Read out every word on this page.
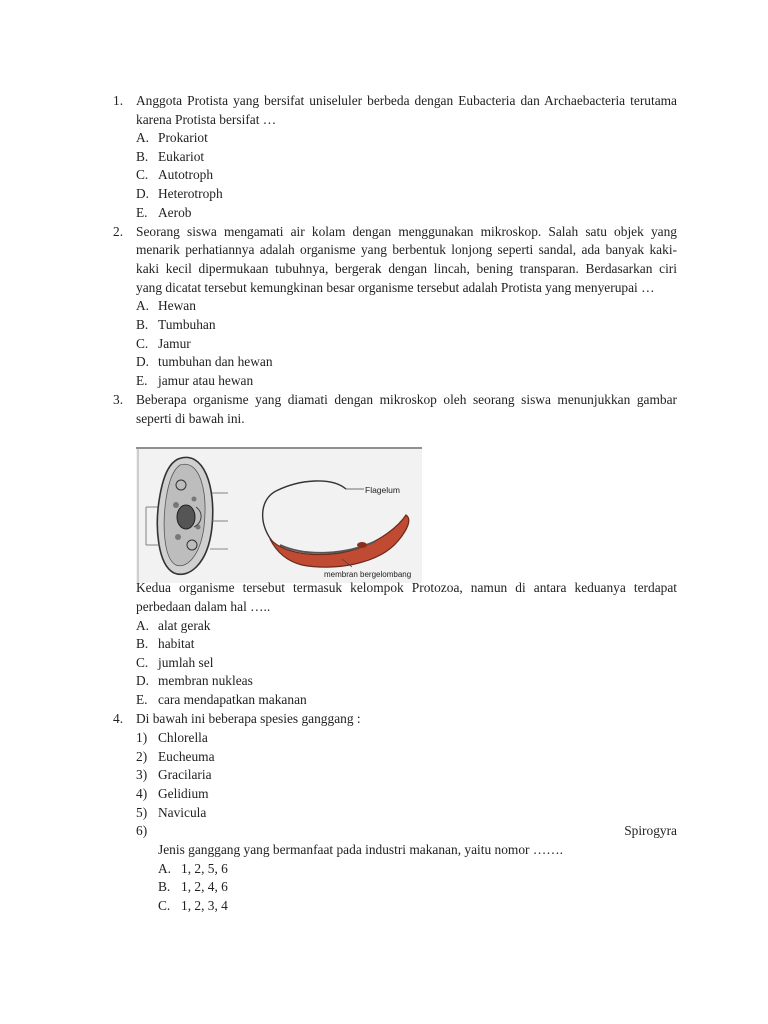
1. Anggota Protista yang bersifat uniseluler berbeda dengan Eubacteria dan Archaebacteria terutama
karena Protista bersifat …
A. Prokariot
B. Eukariot
C. Autotroph
D. Heterotroph
E. Aerob
2. Seorang siswa mengamati air kolam dengan menggunakan mikroskop. Salah satu objek yang
menarik perhatiannya adalah organisme yang berbentuk lonjong seperti sandal, ada banyak kaki-
kaki kecil dipermukaan tubuhnya, bergerak dengan lincah, bening transparan. Berdasarkan ciri
yang dicatat tersebut kemungkinan besar organisme tersebut adalah Protista yang menyerupai …
A. Hewan
B. Tumbuhan
C. Jamur
D. tumbuhan dan hewan
E. jamur atau hewan
3. Beberapa organisme yang diamati dengan mikroskop oleh seorang siswa menunjukkan gambar
seperti di bawah ini.
Flagelum
membran bergelombang
Kedua organisme tersebut termasuk kelompok Protozoa, namun di antara keduanya terdapat
perbedaan dalam hal …..
A. alat gerak
B. habitat
C. jumlah sel
D. membran nukleas
E. cara mendapatkan makanan
4. Di bawah ini beberapa spesies ganggang :
1) Chlorella
2) Eucheuma
3) Gracilaria
4) Gelidium
5) Navicula
6)	Spirogyra
Jenis ganggang yang bermanfaat pada industri makanan, yaitu nomor …….
A. 1, 2, 5, 6
B. 1, 2, 4, 6
C. 1, 2, 3, 4
